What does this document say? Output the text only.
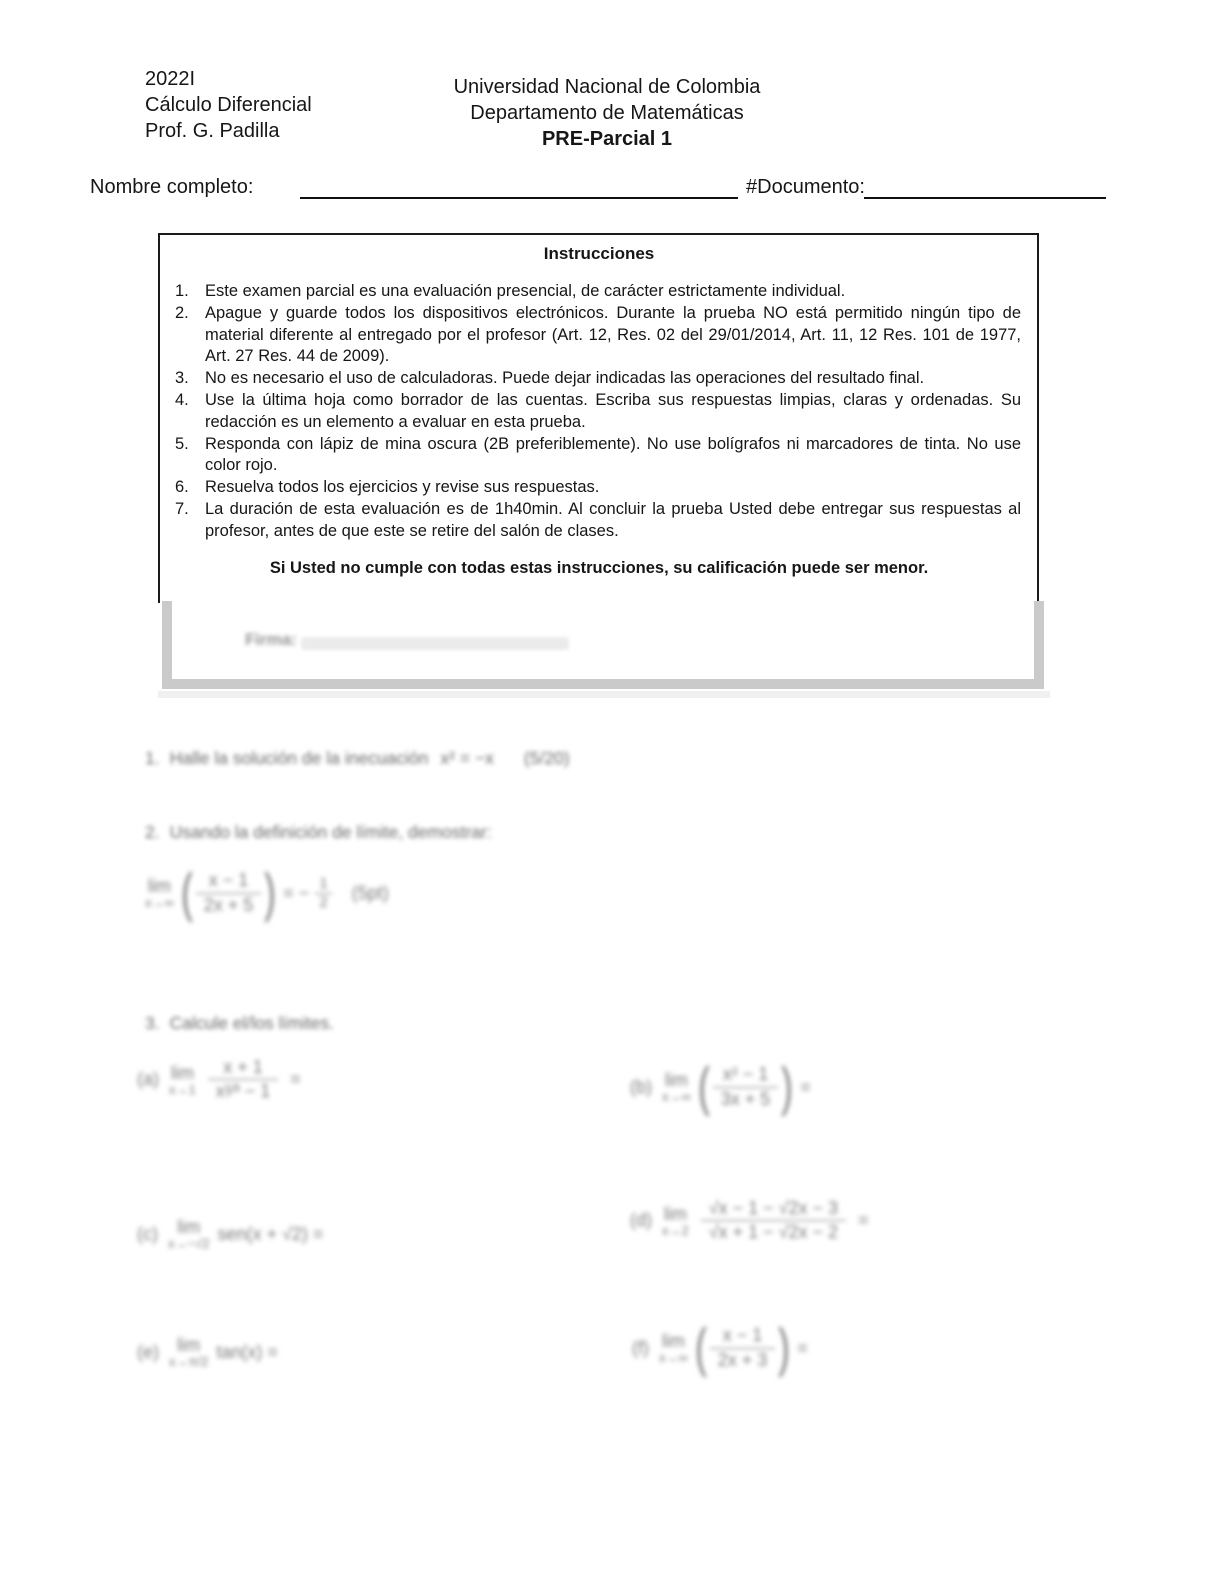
2022I
Cálculo Diferencial
Prof. G. Padilla
Universidad Nacional de Colombia
Departamento de Matemáticas
PRE-Parcial 1
Nombre completo:	#Documento:
Instrucciones
1. Este examen parcial es una evaluación presencial, de carácter estrictamente individual.
2. Apague y guarde todos los dispositivos electrónicos. Durante la prueba NO está permitido ningún tipo de material diferente al entregado por el profesor (Art. 12, Res. 02 del 29/01/2014, Art. 11, 12 Res. 101 de 1977, Art. 27 Res. 44 de 2009).
3. No es necesario el uso de calculadoras. Puede dejar indicadas las operaciones del resultado final.
4. Use la última hoja como borrador de las cuentas. Escriba sus respuestas limpias, claras y ordenadas. Su redacción es un elemento a evaluar en esta prueba.
5. Responda con lápiz de mina oscura (2B preferiblemente). No use bolígrafos ni marcadores de tinta. No use color rojo.
6. Resuelva todos los ejercicios y revise sus respuestas.
7. La duración de esta evaluación es de 1h40min. Al concluir la prueba Usted debe entregar sus respuestas al profesor, antes de que este se retire del salón de clases.
Si Usted no cumple con todas estas instrucciones, su calificación puede ser menor.
Firma:
1. Halle la solución de la inecuación x² = −x (5/20)
2. Usando la definición de límite, demostrar:
lim
x→∞ ( $\frac{x - 1}{2x + 5}$ ) = − $\frac{1}{2} (5pt)$
3. Calcule el/los límites.
(a) lim
$x\to 1 \frac{x + 1}{\text{x²⁄³ − 1}}$ =	(b) lim
x→∞ ( $\frac{\text{x² − 1}}{3x + 5}$ ) =
(c) lim
x→−√2 sen(x + √2) =
(d) lim
$x\to 2 \frac{√x - 1 - √2x - 3}{√x + 1 - √2x - 2}$ =
(e) lim
x→π/2 tan(x) =	(f) lim
x→∞ ( $\frac{x - 1}{2x + 3}$ ) =
